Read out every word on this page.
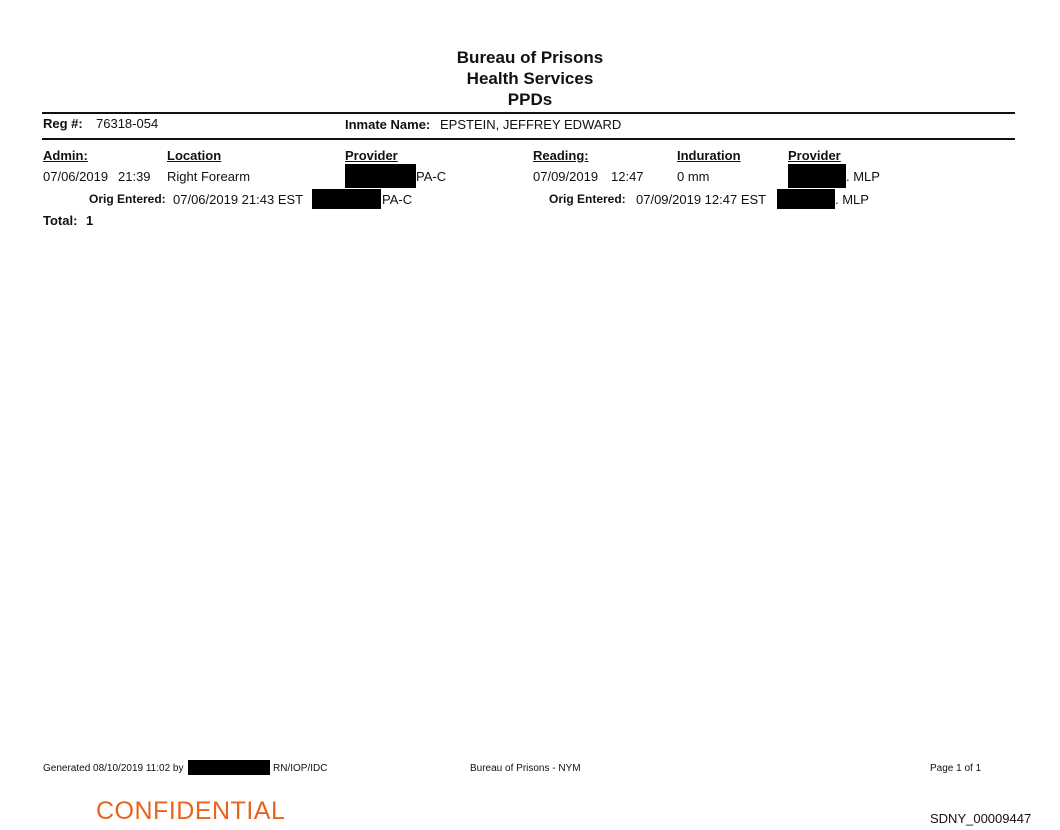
Bureau of Prisons
Health Services
PPDs
Reg #: 76318-054	Inmate Name: EPSTEIN, JEFFREY EDWARD
Admin:	Location	Provider	Reading:	Induration	Provider
07/06/2019 21:39 Right Forearm	PA-C	07/09/2019 12:47	0 mm	. MLP
Orig Entered: 07/06/2019 21:43 EST	PA-C	Orig Entered: 07/09/2019 12:47 EST	. MLP
Total: 1
Generated 08/10/2019 11:02 by	RN/IOP/IDC	Bureau of Prisons - NYM	Page 1 of 1
CONFIDENTIAL	SDNY_00009447
